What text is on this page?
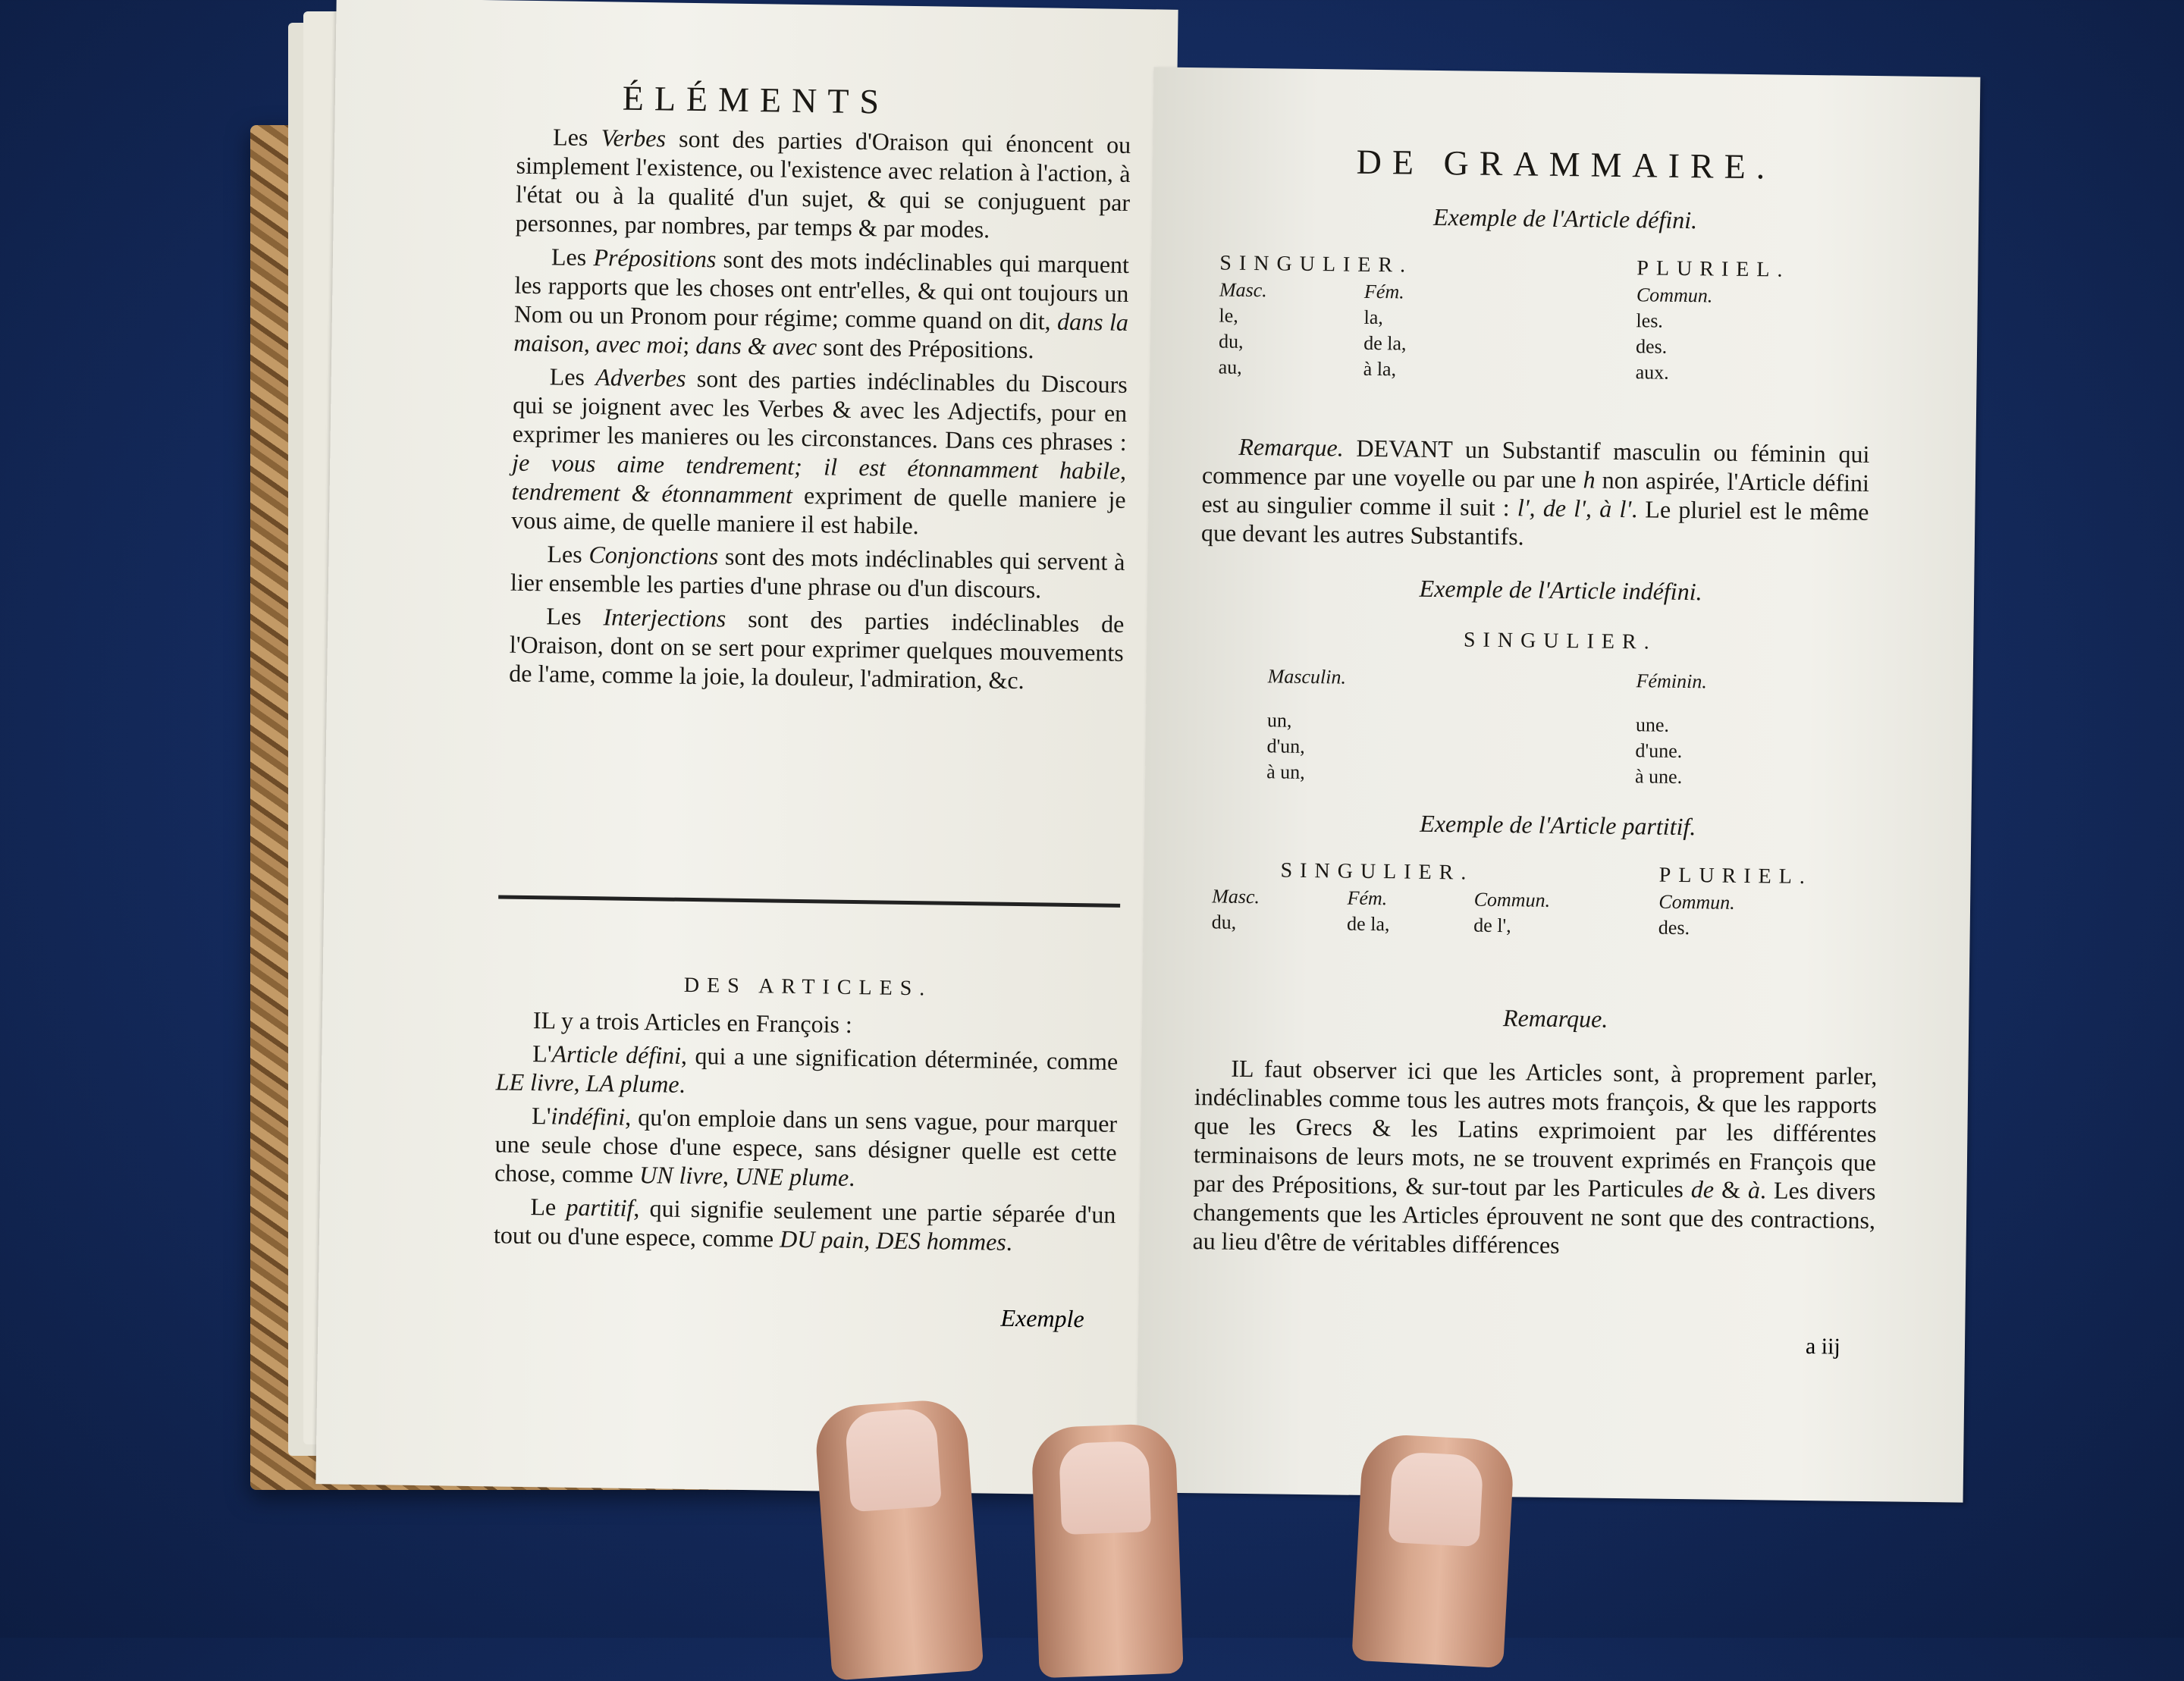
ÉLÉMENTS

Les Verbes sont des parties d'Oraison qui énoncent ou simplement l'existence, ou l'existence avec relation à l'action, à l'état ou à la qualité d'un sujet, & qui se conjuguent par personnes, par nombres, par temps & par modes.

Les Prépositions sont des mots indéclinables qui marquent les rapports que les choses ont entr'elles, & qui ont toujours un Nom ou un Pronom pour régime; comme quand on dit, dans la maison, avec moi; dans & avec sont des Prépositions.

Les Adverbes sont des parties indéclinables du Discours qui se joignent avec les Verbes & avec les Adjectifs, pour en exprimer les manieres ou les circonstances. Dans ces phrases : je vous aime tendrement; il est étonnamment habile, tendrement & étonnamment expriment de quelle maniere je vous aime, de quelle maniere il est habile.

Les Conjonctions sont des mots indéclinables qui servent à lier ensemble les parties d'une phrase ou d'un discours.

Les Interjections sont des parties indéclinables de l'Oraison, dont on se sert pour exprimer quelques mouvements de l'ame, comme la joie, la douleur, l'admiration, &c.

DES ARTICLES.

IL y a trois Articles en François :

L'Article défini, qui a une signification déterminée, comme LE livre, LA plume.

L'indéfini, qu'on emploie dans un sens vague, pour marquer une seule chose d'une espece, sans désigner quelle est cette chose, comme UN livre, UNE plume.

Le partitif, qui signifie seulement une partie séparée d'un tout ou d'une espece, comme DU pain, DES hommes.

Exemple
DE GRAMMAIRE.
Exemple de l'Article défini.
SINGULIER.		PLURIEL.
Masc.	Fém.	Commun.
le,	la,	les.
du,	de la,	des.
au,	à la,	aux.

Remarque. DEVANT un Substantif masculin ou féminin qui commence par une voyelle ou par une h non aspirée, l'Article défini est au singulier comme il suit : l', de l', à l'. Le pluriel est le même que devant les autres Substantifs.

Exemple de l'Article indéfini.
SINGULIER.
Masculin.	Féminin.

un,	une.
d'un,	d'une.
à un,	à une.
Exemple de l'Article partitif.
SINGULIER.			PLURIEL.
Masc.	Fém.	Commun.	Commun.
du,	de la,	de l',	des.
Remarque.

IL faut observer ici que les Articles sont, à proprement parler, indéclinables comme tous les autres mots françois, & que les rapports que les Grecs & les Latins exprimoient par les différentes terminaisons de leurs mots, ne se trouvent exprimés en François que par des Prépositions, & sur-tout par les Particules de & à. Les divers changements que les Articles éprouvent ne sont que des contractions, au lieu d'être de véritables différences

a iij
